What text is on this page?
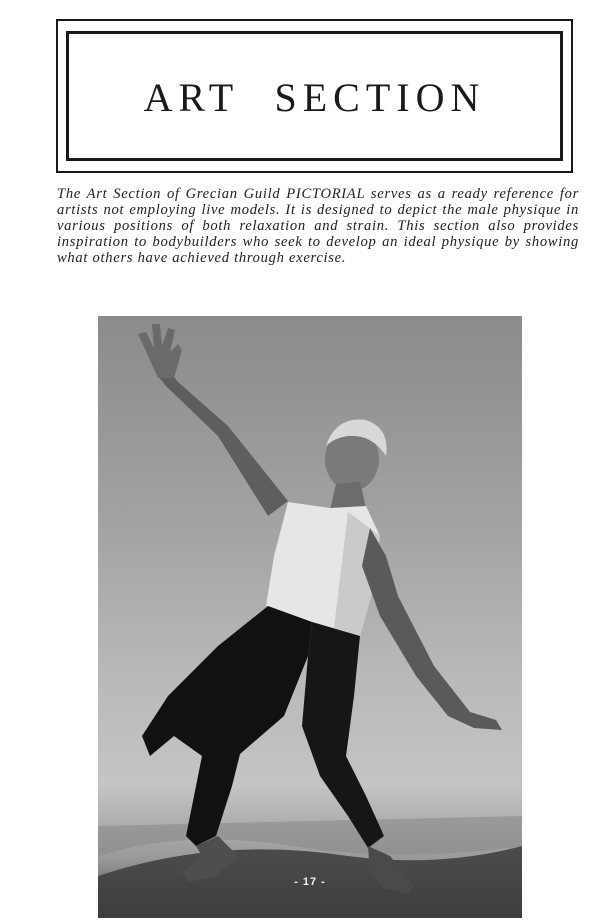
ART SECTION

The Art Section of Grecian Guild PICTORIAL serves as a ready reference for artists not employing live models. It is designed to depict the male physique in various positions of both relaxation and strain. This section also provides inspiration to bodybuilders who seek to develop an ideal physique by showing what others have achieved through exercise.

- 17 -
